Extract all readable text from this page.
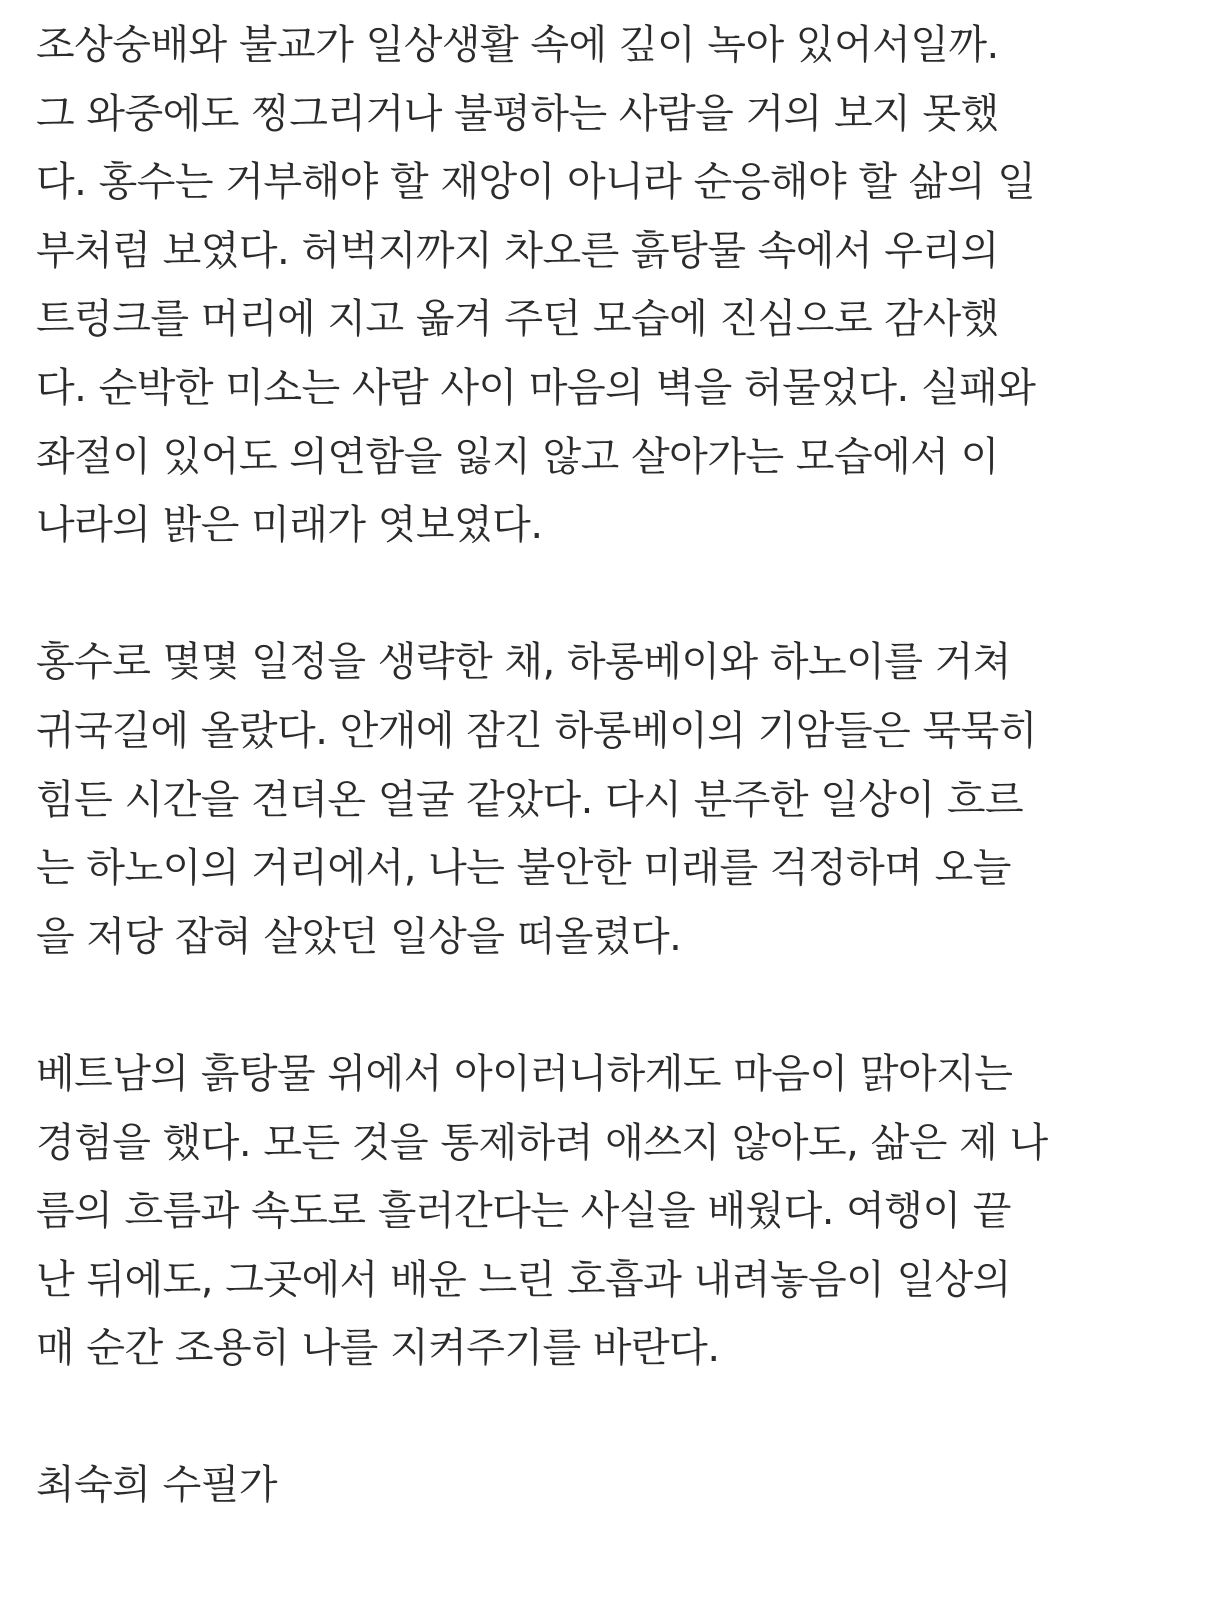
조상숭배와 불교가 일상생활 속에 깊이 녹아 있어서일까.
그 와중에도 찡그리거나 불평하는 사람을 거의 보지 못했
다. 홍수는 거부해야 할 재앙이 아니라 순응해야 할 삶의 일
부처럼 보였다. 허벅지까지 차오른 흙탕물 속에서 우리의
트렁크를 머리에 지고 옮겨 주던 모습에 진심으로 감사했
다. 순박한 미소는 사람 사이 마음의 벽을 허물었다. 실패와
좌절이 있어도 의연함을 잃지 않고 살아가는 모습에서 이
나라의 밝은 미래가 엿보였다.
홍수로 몇몇 일정을 생략한 채, 하롱베이와 하노이를 거쳐
귀국길에 올랐다. 안개에 잠긴 하롱베이의 기암들은 묵묵히
힘든 시간을 견뎌온 얼굴 같았다. 다시 분주한 일상이 흐르
는 하노이의 거리에서, 나는 불안한 미래를 걱정하며 오늘
을 저당 잡혀 살았던 일상을 떠올렸다.
베트남의 흙탕물 위에서 아이러니하게도 마음이 맑아지는
경험을 했다. 모든 것을 통제하려 애쓰지 않아도, 삶은 제 나
름의 흐름과 속도로 흘러간다는 사실을 배웠다. 여행이 끝
난 뒤에도, 그곳에서 배운 느린 호흡과 내려놓음이 일상의
매 순간 조용히 나를 지켜주기를 바란다.
최숙희 수필가
